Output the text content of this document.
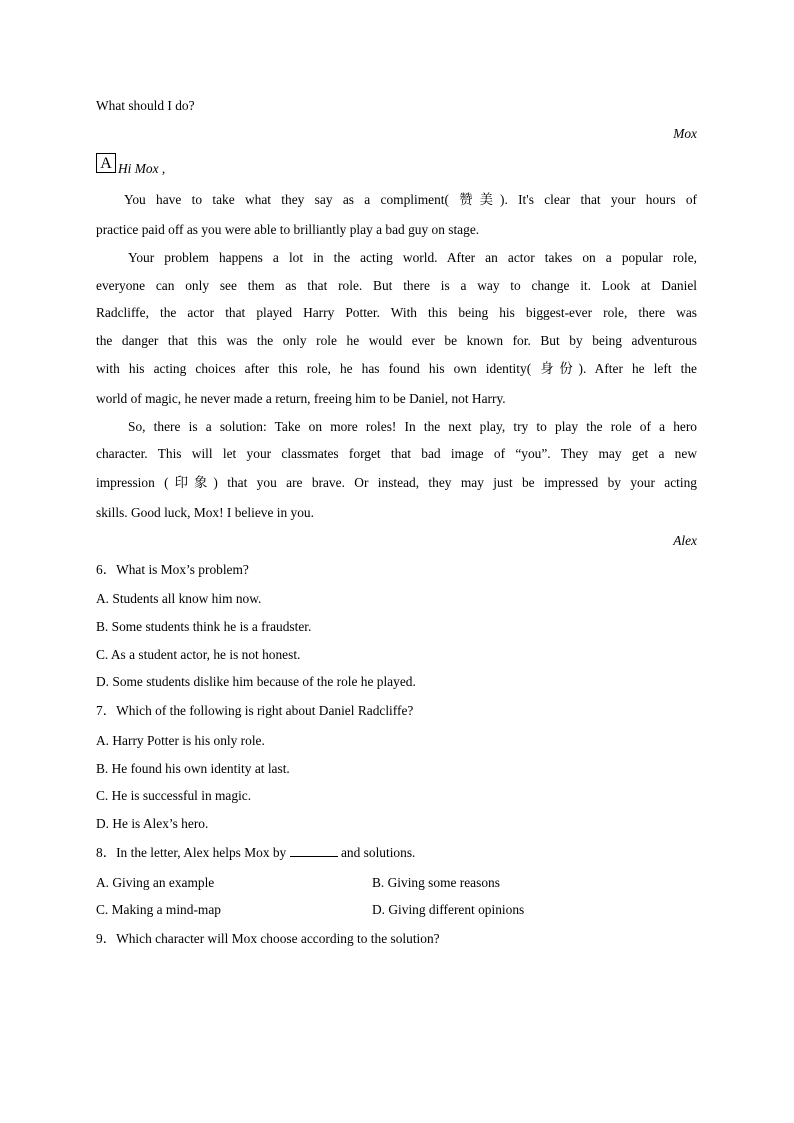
What should I do?
Mox
A Hi Mox ,
You have to take what they say as a compliment( 赞美). It's clear that your hours of
practice paid off as you were able to brilliantly play a bad guy on stage.
Your problem happens a lot in the acting world. After an actor takes on a popular role,
everyone can only see them as that role. But there is a way to change it. Look at Daniel
Radcliffe, the actor that played Harry Potter. With this being his biggest-ever role, there was
the danger that this was the only role he would ever be known for. But by being adventurous
with his acting choices after this role, he has found his own identity( 身份). After he left the
world of magic, he never made a return, freeing him to be Daniel, not Harry.
So, there is a solution: Take on more roles! In the next play, try to play the role of a hero
character. This will let your classmates forget that bad image of “you”. They may get a new
impression (印象) that you are brave. Or instead, they may just be impressed by your acting
skills. Good luck, Mox! I believe in you.
Alex
6．What is Mox’s problem?
A. Students all know him now.
B. Some students think he is a fraudster.
C. As a student actor, he is not honest.
D. Some students dislike him because of the role he played.
7．Which of the following is right about Daniel Radcliffe?
A. Harry Potter is his only role.
B. He found his own identity at last.
C. He is successful in magic.
D. He is Alex’s hero.
8．In the letter, Alex helps Mox by	and solutions.
A. Giving an example	B. Giving some reasons
C. Making a mind-map	D. Giving different opinions
9．Which character will Mox choose according to the solution?
